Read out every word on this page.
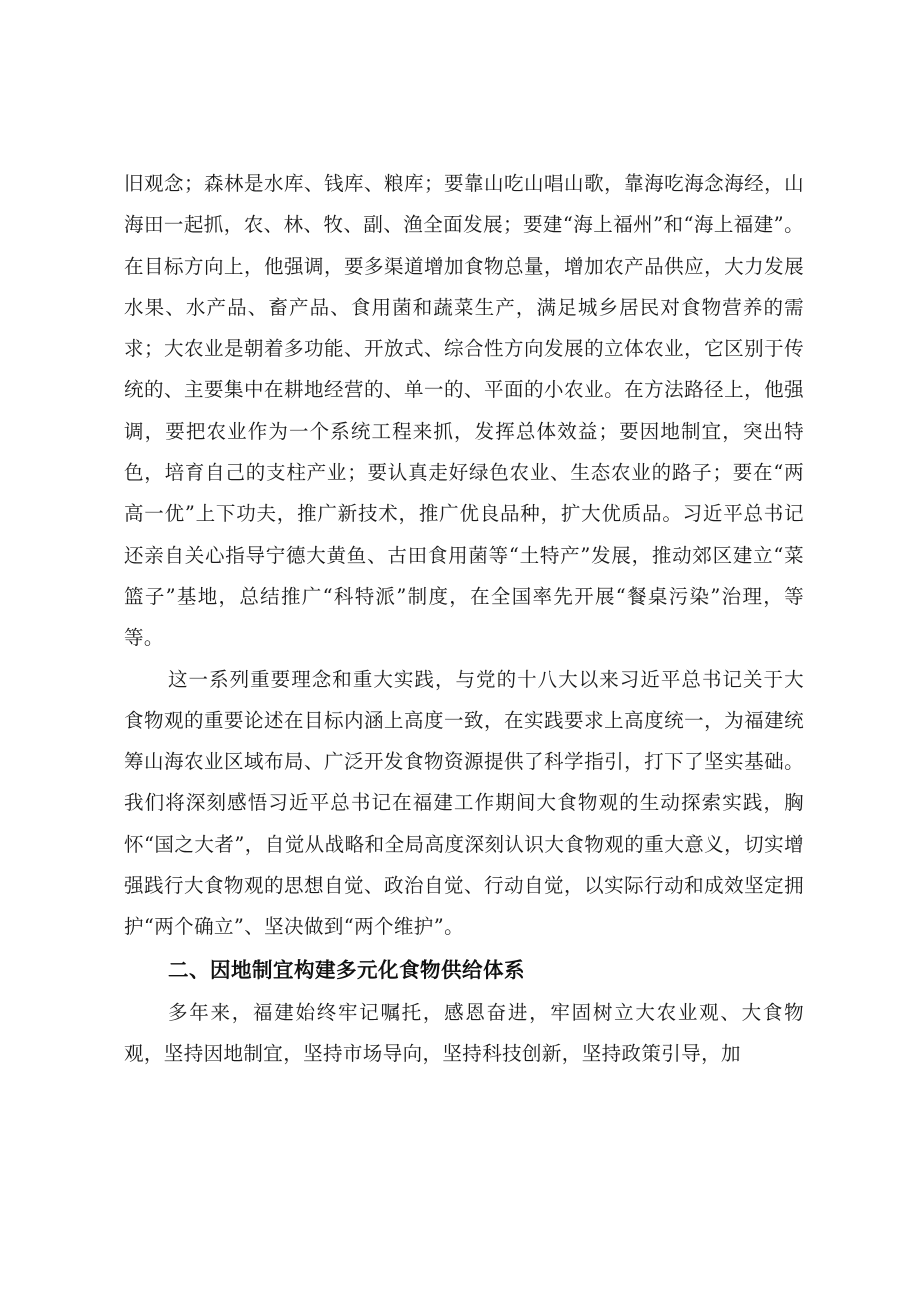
旧观念；森林是水库、钱库、粮库；要靠山吃山唱山歌，靠海吃海念海经，山海田一起抓，农、林、牧、副、渔全面发展；要建“海上福州”和“海上福建”。在目标方向上，他强调，要多渠道增加食物总量，增加农产品供应，大力发展水果、水产品、畜产品、食用菌和蔬菜生产，满足城乡居民对食物营养的需求；大农业是朝着多功能、开放式、综合性方向发展的立体农业，它区别于传统的、主要集中在耕地经营的、单一的、平面的小农业。在方法路径上，他强调，要把农业作为一个系统工程来抓，发挥总体效益；要因地制宜，突出特色，培育自己的支柱产业；要认真走好绿色农业、生态农业的路子；要在“两高一优”上下功夫，推广新技术，推广优良品种，扩大优质品。习近平总书记还亲自关心指导宁德大黄鱼、古田食用菌等“土特产”发展，推动郊区建立“菜篮子”基地，总结推广“科特派”制度，在全国率先开展“餐桌污染”治理，等等。

这一系列重要理念和重大实践，与党的十八大以来习近平总书记关于大食物观的重要论述在目标内涵上高度一致，在实践要求上高度统一，为福建统筹山海农业区域布局、广泛开发食物资源提供了科学指引，打下了坚实基础。我们将深刻感悟习近平总书记在福建工作期间大食物观的生动探索实践，胸怀“国之大者”，自觉从战略和全局高度深刻认识大食物观的重大意义，切实增强践行大食物观的思想自觉、政治自觉、行动自觉，以实际行动和成效坚定拥护“两个确立”、坚决做到“两个维护”。

二、因地制宜构建多元化食物供给体系

多年来，福建始终牢记嘱托，感恩奋进，牢固树立大农业观、大食物观，坚持因地制宜，坚持市场导向，坚持科技创新，坚持政策引导，加
